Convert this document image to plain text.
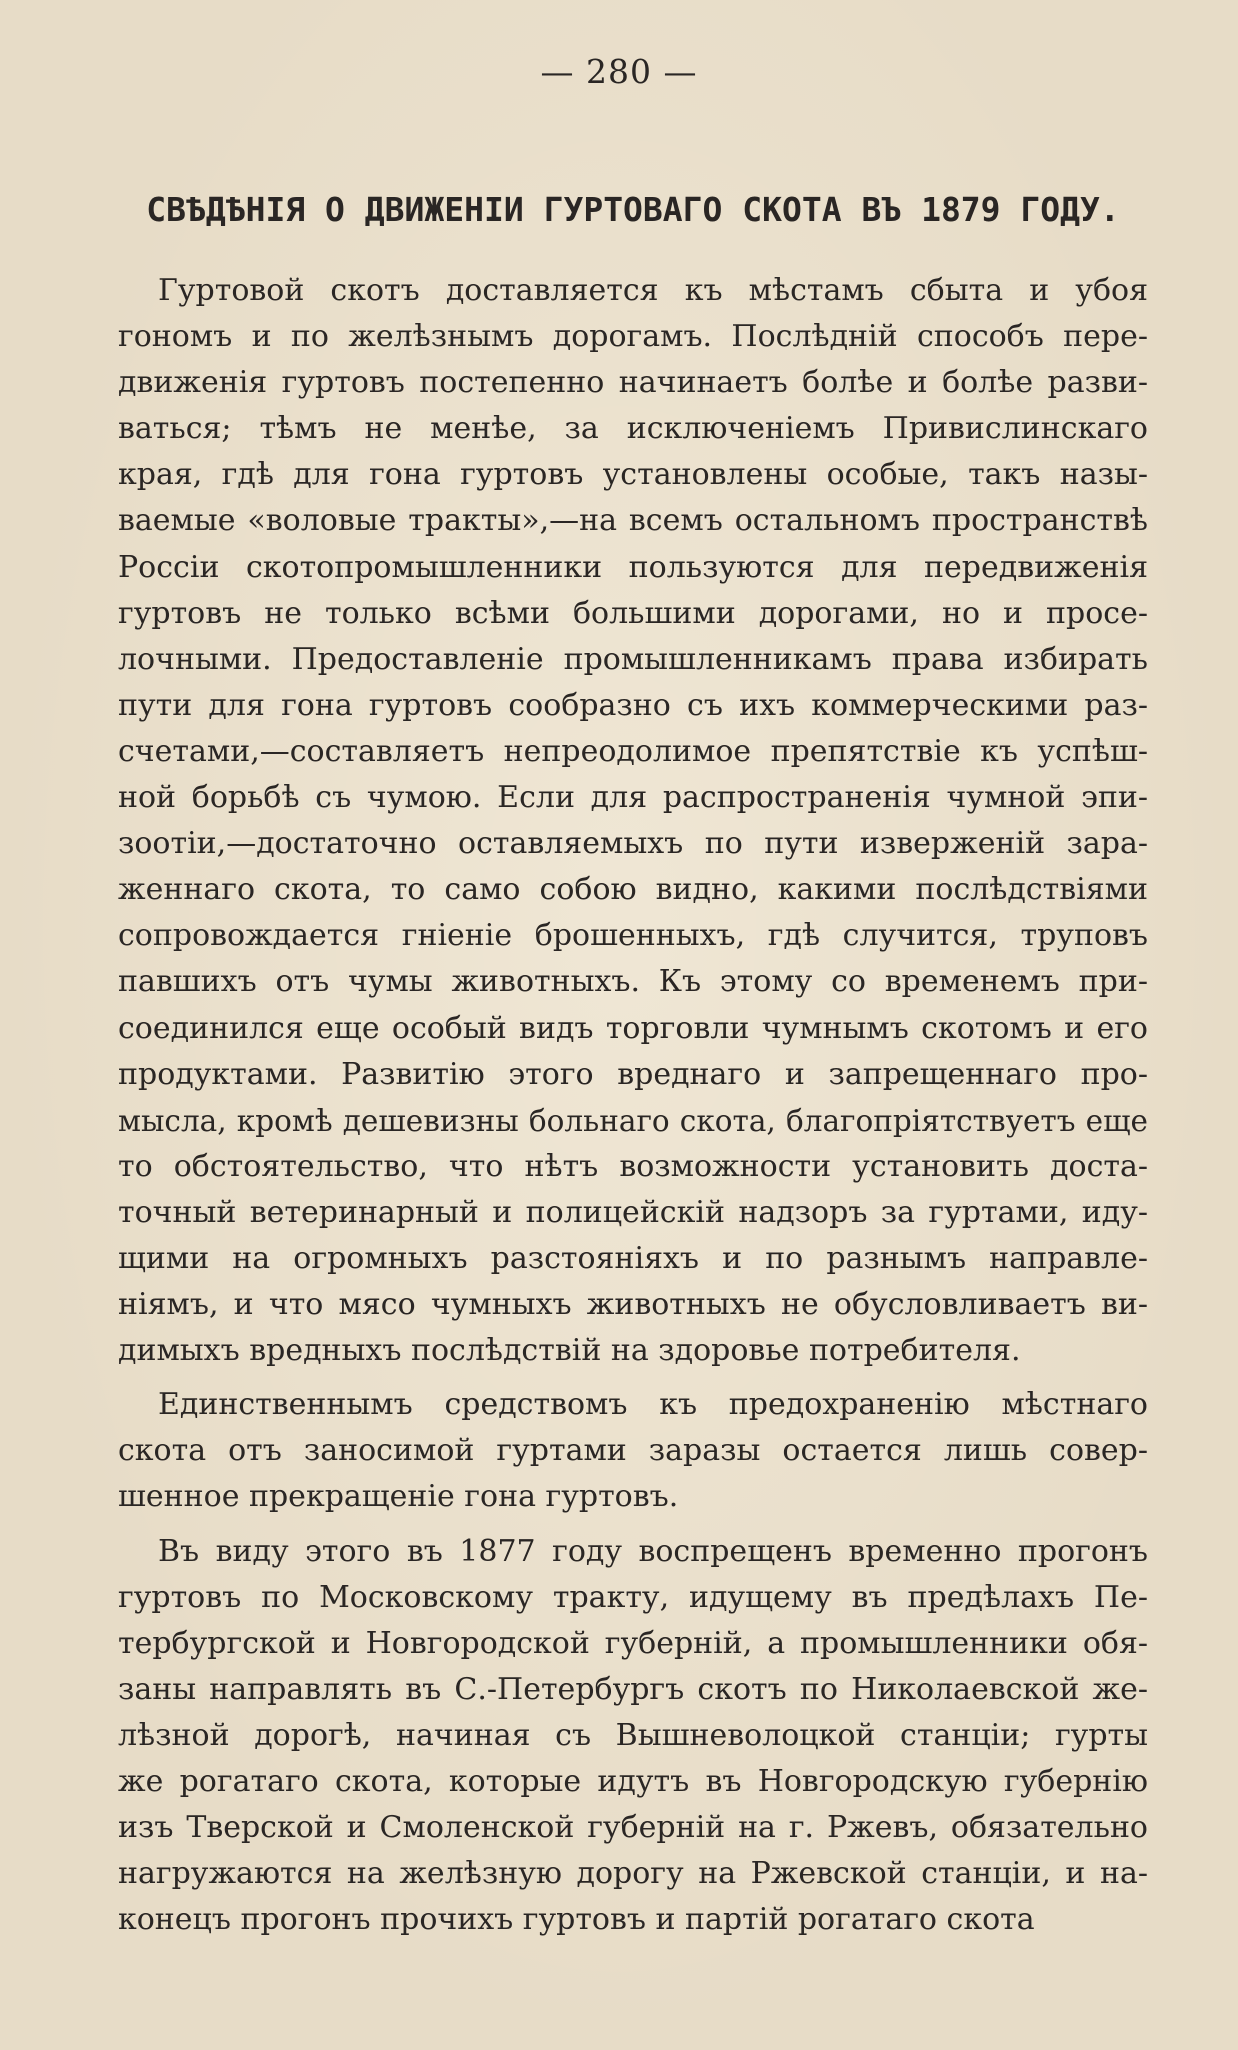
— 280 —
СВѢДѢНІЯ О ДВИЖЕНІИ ГУРТОВАГО СКОТА ВЪ 1879 ГОДУ.
Гуртовой скотъ доставляется къ мѣстамъ сбыта и убоя
гономъ и по желѣзнымъ дорогамъ. Послѣдній способъ пере-
движенія гуртовъ постепенно начинаетъ болѣе и болѣе разви-
ваться; тѣмъ не менѣе, за исключеніемъ Привислинскаго
края, гдѣ для гона гуртовъ установлены особые, такъ назы-
ваемые «воловые тракты»,—на всемъ остальномъ пространствѣ
Россіи скотопромышленники пользуются для передвиженія
гуртовъ не только всѣми большими дорогами, но и просе-
лочными. Предоставленіе промышленникамъ права избирать
пути для гона гуртовъ сообразно съ ихъ коммерческими раз-
счетами,—составляетъ непреодолимое препятствіе къ успѣш-
ной борьбѣ съ чумою. Если для распространенія чумной эпи-
зоотіи,—достаточно оставляемыхъ по пути изверженій зара-
женнаго скота, то само собою видно, какими послѣдствіями
сопровождается гніеніе брошенныхъ, гдѣ случится, труповъ
павшихъ отъ чумы животныхъ. Къ этому со временемъ при-
соединился еще особый видъ торговли чумнымъ скотомъ и его
продуктами. Развитію этого вреднаго и запрещеннаго про-
мысла, кромѣ дешевизны больнаго скота, благопріятствуетъ еще
то обстоятельство, что нѣтъ возможности установить доста-
точный ветеринарный и полицейскій надзоръ за гуртами, иду-
щими на огромныхъ разстояніяхъ и по разнымъ направле-
ніямъ, и что мясо чумныхъ животныхъ не обусловливаетъ ви-
димыхъ вредныхъ послѣдствій на здоровье потребителя.
Единственнымъ средствомъ къ предохраненію мѣстнаго
скота отъ заносимой гуртами заразы остается лишь совер-
шенное прекращеніе гона гуртовъ.
Въ виду этого въ 1877 году воспрещенъ временно прогонъ
гуртовъ по Московскому тракту, идущему въ предѣлахъ Пе-
тербургской и Новгородской губерній, а промышленники обя-
заны направлять въ С.-Петербургъ скотъ по Николаевской же-
лѣзной дорогѣ, начиная съ Вышневолоцкой станціи; гурты
же рогатаго скота, которые идутъ въ Новгородскую губернію
изъ Тверской и Смоленской губерній на г. Ржевъ, обязательно
нагружаются на желѣзную дорогу на Ржевской станціи, и на-
конецъ прогонъ прочихъ гуртовъ и партій рогатаго скота
